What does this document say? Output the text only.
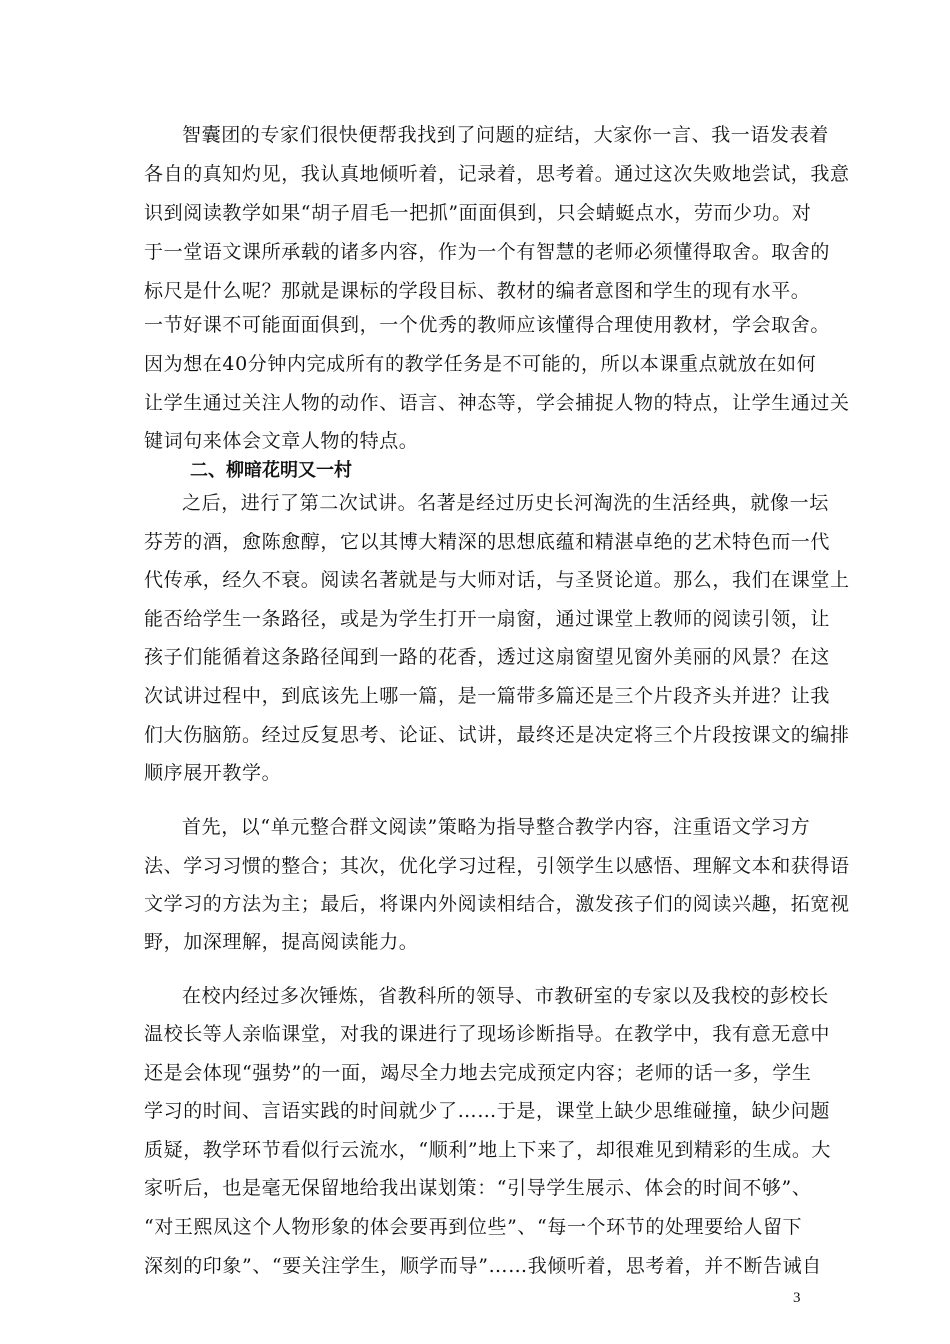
智囊团的专家们很快便帮我找到了问题的症结，大家你一言、我一语发表着
各自的真知灼见，我认真地倾听着，记录着，思考着。通过这次失败地尝试，我意
识到阅读教学如果“胡子眉毛一把抓”面面俱到，只会蜻蜓点水，劳而少功。对
于一堂语文课所承载的诸多内容，作为一个有智慧的老师必须懂得取舍。取舍的
标尺是什么呢？那就是课标的学段目标、教材的编者意图和学生的现有水平。
一节好课不可能面面俱到，一个优秀的教师应该懂得合理使用教材，学会取舍。
因为想在40分钟内完成所有的教学任务是不可能的，所以本课重点就放在如何
让学生通过关注人物的动作、语言、神态等，学会捕捉人物的特点，让学生通过关
键词句来体会文章人物的特点。
二、柳暗花明又一村
之后，进行了第二次试讲。名著是经过历史长河淘洗的生活经典，就像一坛
芬芳的酒，愈陈愈醇，它以其博大精深的思想底蕴和精湛卓绝的艺术特色而一代
代传承，经久不衰。阅读名著就是与大师对话，与圣贤论道。那么，我们在课堂上
能否给学生一条路径，或是为学生打开一扇窗，通过课堂上教师的阅读引领，让
孩子们能循着这条路径闻到一路的花香，透过这扇窗望见窗外美丽的风景？在这
次试讲过程中，到底该先上哪一篇，是一篇带多篇还是三个片段齐头并进？让我
们大伤脑筋。经过反复思考、论证、试讲，最终还是决定将三个片段按课文的编排
顺序展开教学。
首先，以“单元整合群文阅读”策略为指导整合教学内容，注重语文学习方
法、学习习惯的整合；其次，优化学习过程，引领学生以感悟、理解文本和获得语
文学习的方法为主；最后，将课内外阅读相结合，激发孩子们的阅读兴趣，拓宽视
野，加深理解，提高阅读能力。
在校内经过多次锤炼，省教科所的领导、市教研室的专家以及我校的彭校长
温校长等人亲临课堂，对我的课进行了现场诊断指导。在教学中，我有意无意中
还是会体现“强势”的一面，竭尽全力地去完成预定内容；老师的话一多，学生
学习的时间、言语实践的时间就少了……于是，课堂上缺少思维碰撞，缺少问题
质疑，教学环节看似行云流水，“顺利”地上下来了，却很难见到精彩的生成。大
家听后，也是毫无保留地给我出谋划策：“引导学生展示、体会的时间不够”、
“对王熙凤这个人物形象的体会要再到位些”、“每一个环节的处理要给人留下
深刻的印象”、“要关注学生，顺学而导”……我倾听着，思考着，并不断告诫自
3
